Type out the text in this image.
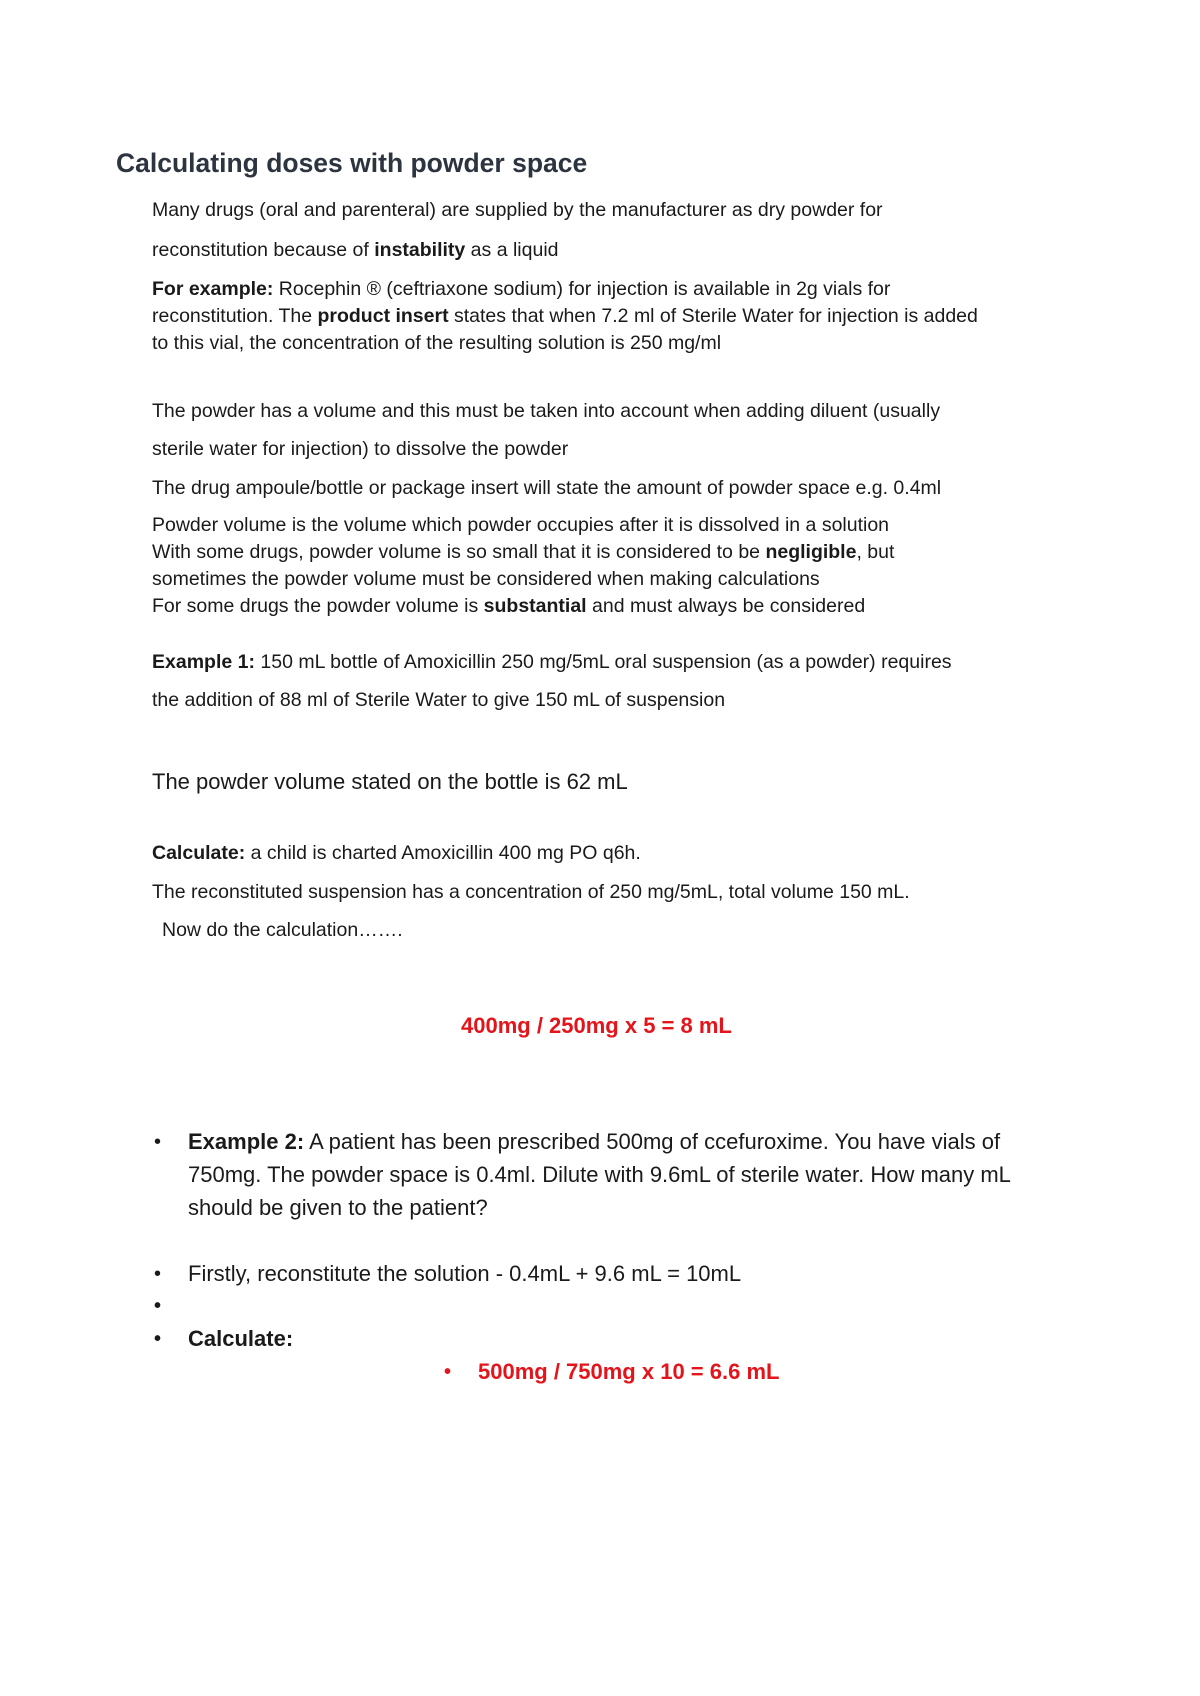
Calculating doses with powder space
Many drugs (oral and parenteral) are supplied by the manufacturer as dry powder for
reconstitution because of instability as a liquid
For example: Rocephin ® (ceftriaxone sodium) for injection is available in 2g vials for
reconstitution. The product insert states that when 7.2 ml of Sterile Water for injection is added
to this vial, the concentration of the resulting solution is 250 mg/ml
The powder has a volume and this must be taken into account when adding diluent (usually
sterile water for injection) to dissolve the powder
The drug ampoule/bottle or package insert will state the amount of powder space e.g. 0.4ml
Powder volume is the volume which powder occupies after it is dissolved in a solution
With some drugs, powder volume is so small that it is considered to be negligible, but
sometimes the powder volume must be considered when making calculations
For some drugs the powder volume is substantial and must always be considered
Example 1: 150 mL bottle of Amoxicillin 250 mg/5mL oral suspension (as a powder) requires
the addition of 88 ml of Sterile Water to give 150 mL of suspension
The powder volume stated on the bottle is 62 mL
Calculate: a child is charted Amoxicillin 400 mg PO q6h.
The reconstituted suspension has a concentration of 250 mg/5mL, total volume 150 mL.
Now do the calculation…….
400mg / 250mg x 5 = 8 mL
• Example 2: A patient has been prescribed 500mg of ccefuroxime. You have vials of
750mg. The powder space is 0.4ml. Dilute with 9.6mL of sterile water. How many mL
should be given to the patient?
• Firstly, reconstitute the solution - 0.4mL + 9.6 mL = 10mL
•
• Calculate:
• 500mg / 750mg x 10 = 6.6 mL
